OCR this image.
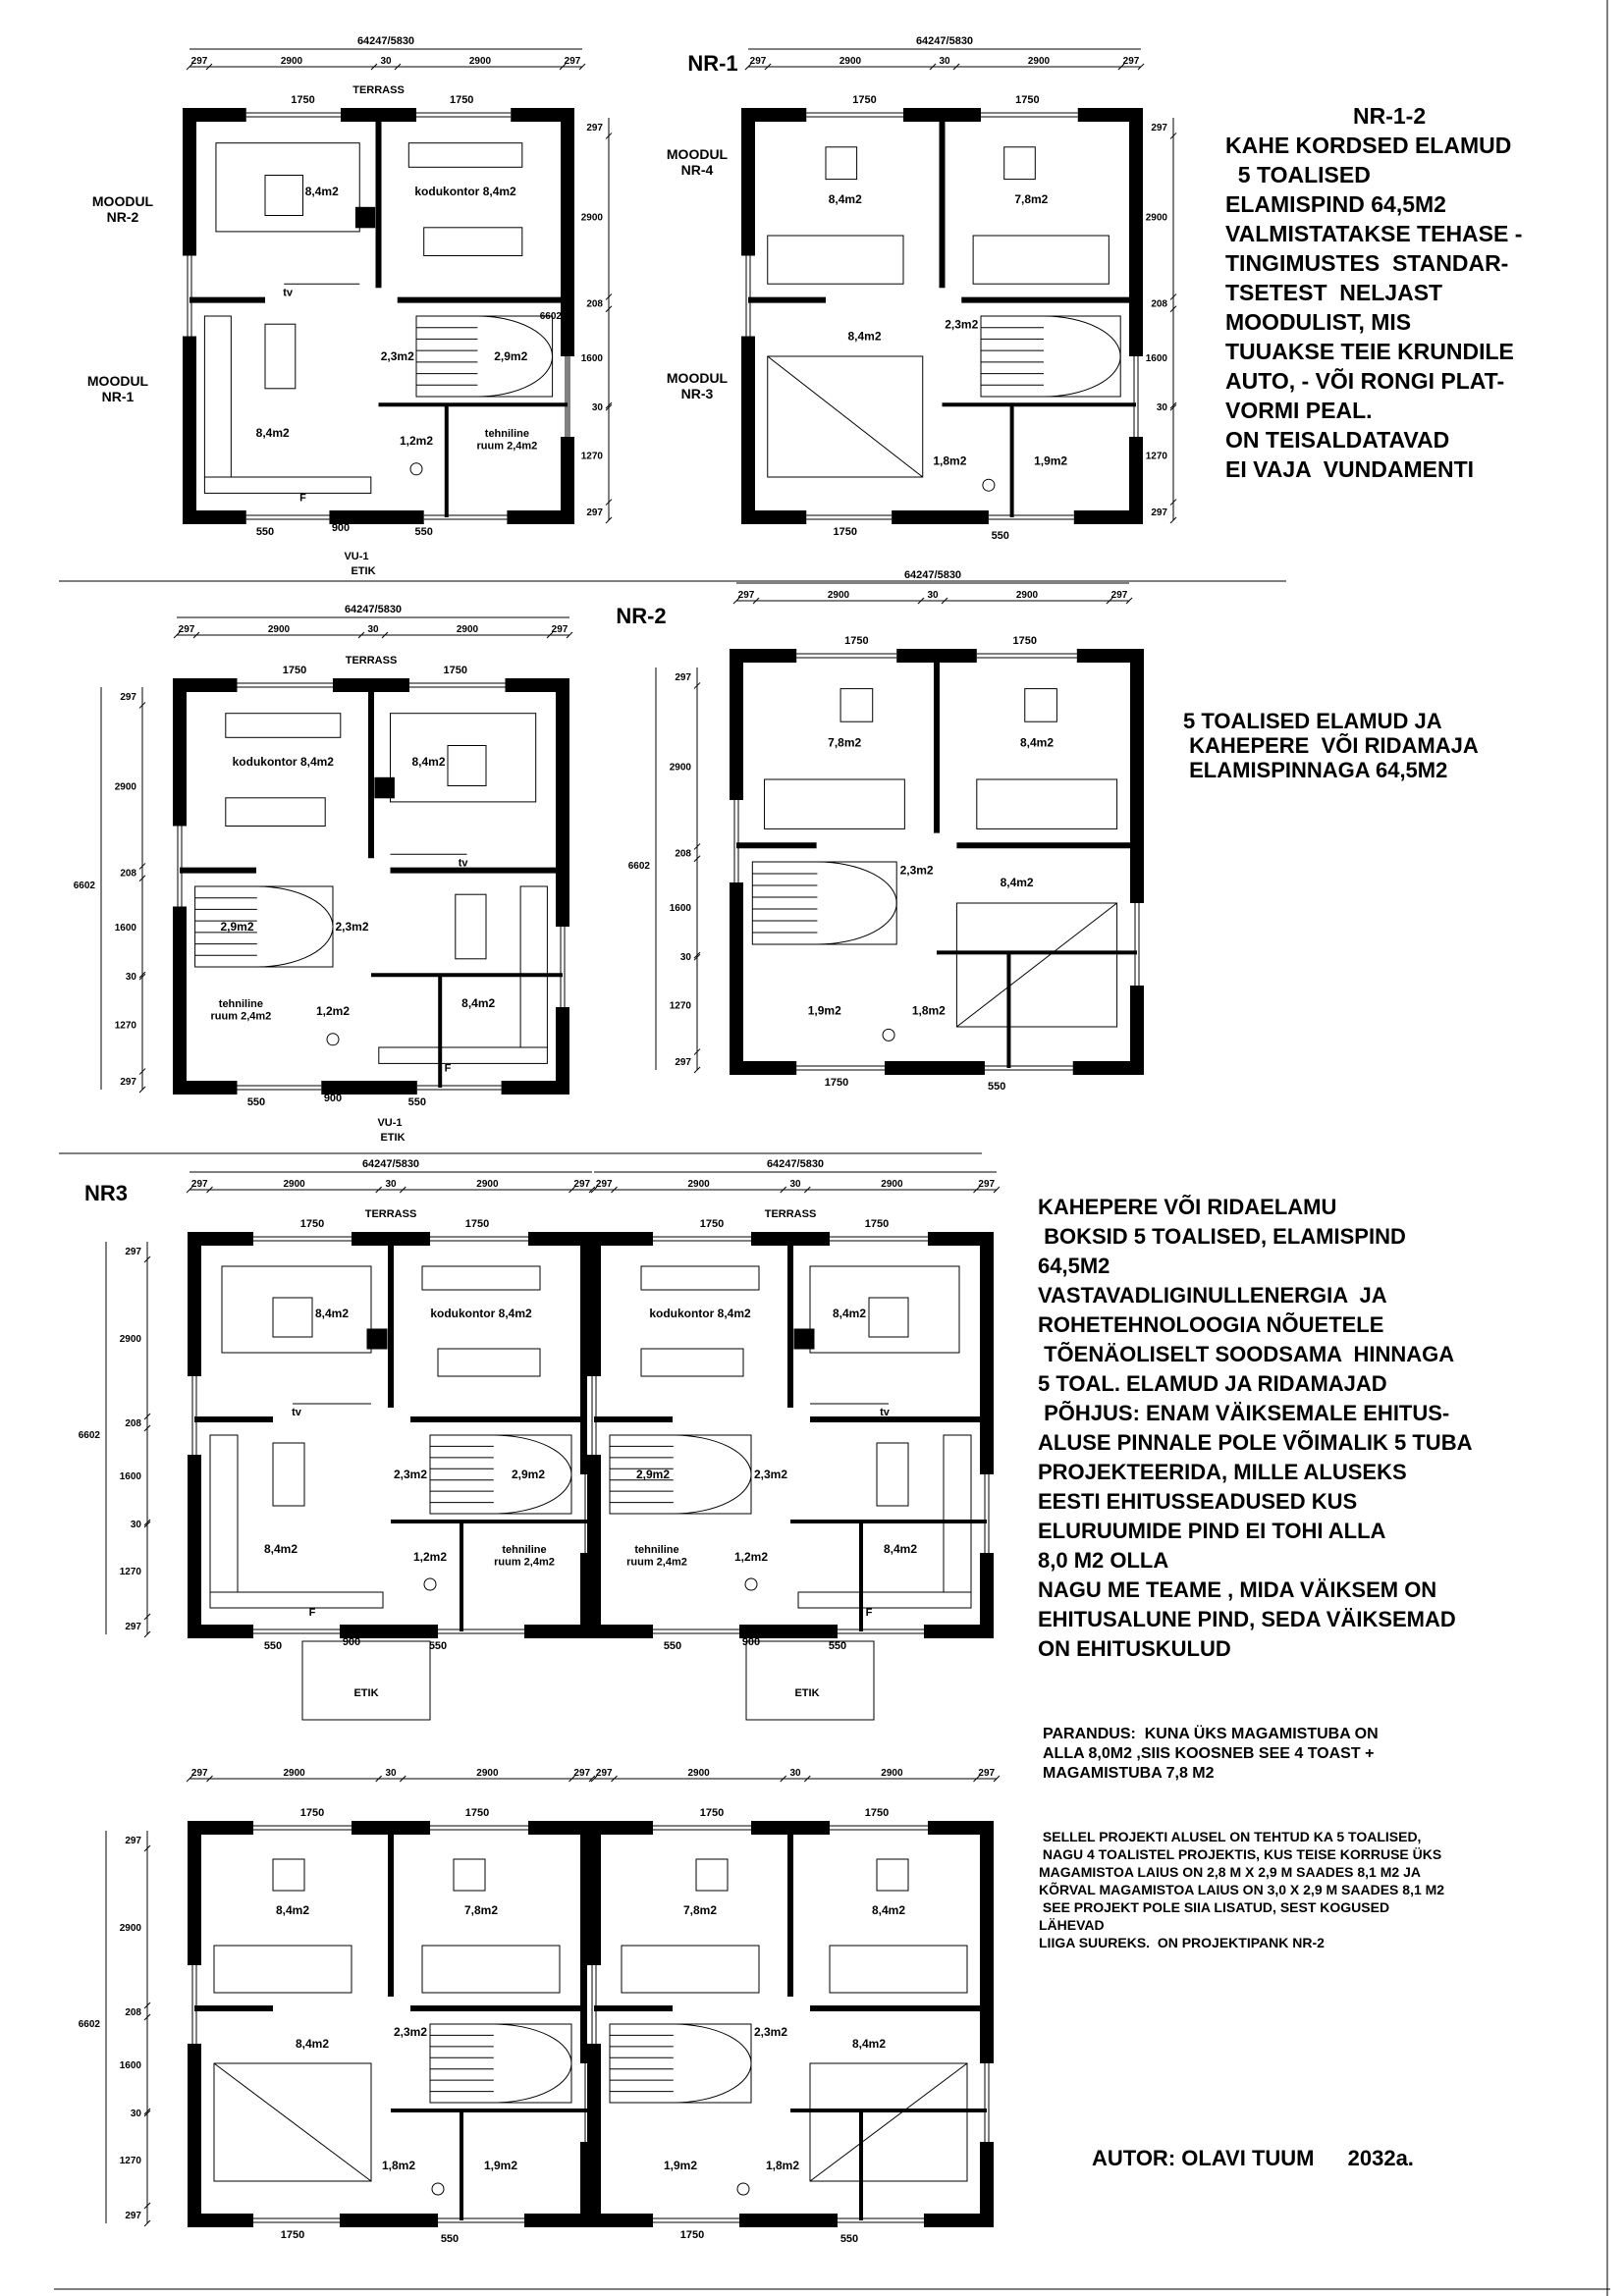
NR-1
NR-2
NR3
64247/5830
297	2900	30	2900	297
64247/5830
297	2900	30	2900	297
8,4m2	kodukontor 8,4m2
8,4m2
2,3m2	2,9m2
1,2m2
tehniline ruum 2,4m2
tv
F
TERRASS
1750	1750
550	550
900
8,4m2	7,8m2
8,4m2
2,3m2
1,8m2	1,9m2
1750	1750
1750	550
297
2900
208
1600
30
1270
297
6602
297
2900
208
1600
30
1270
297
MOODUL NR-2
MOODUL NR-1
MOODUL NR-4
MOODUL NR-3
VU-1
ETIK
64247/5830
297	2900	30	2900	297
64247/5830
297	2900	30	2900	297
8,4m2
kodukontor 8,4m2
8,4m2
2,3m2
2,9m2
1,2m2
tehniline ruum 2,4m2
tv
F
TERRASS
1750	1750
550	550
900
8,4m2
7,8m2
8,4m2
2,3m2
1,8m2
1,9m2
1750	1750
1750	550
297
2900
208
1600
30
1270
297
6602
297
2900
208
1600
30
1270
297
6602
VU-1
ETIK
64247/5830
297	2900	30	2900	297
64247/5830
297	2900	30	2900	297
8,4m2	kodukontor 8,4m2
8,4m2
2,3m2	2,9m2
1,2m2	tehniline ruum 2,4m2
tv
F
TERRASS
1750	1750
550	550
900
8,4m2
kodukontor 8,4m2
8,4m2
2,3m2
2,9m2
1,2m2
tehniline ruum 2,4m2
tv
F
TERRASS
1750	1750
550	550
900
297
2900
208
1600
30
1270
297
6602
ETIK	ETIK
297	2900	30	2900	297 297	2900	30	2900	297
8,4m2	7,8m2
8,4m2
2,3m2
1,8m2	1,9m2
1750	1750
1750	550
8,4m2
7,8m2
8,4m2
2,3m2
1,8m2
1,9m2
1750	1750
1750	550
297
2900
208
1600
30
1270
297
6602

NR-1-2

KAHE KORDSED ELAMUD

5 TOALISED

ELAMISPIND 64,5M2

VALMISTATAKSE TEHASE -

TINGIMUSTES  STANDAR-

TSETEST  NELJAST

MOODULIST, MIS

TUUAKSE TEIE KRUNDILE

AUTO, - VÕI RONGI PLAT-

VORMI PEAL.

ON TEISALDATAVAD

EI VAJA  VUNDAMENTI

5 TOALISED ELAMUD JA

KAHEPERE  VÕI RIDAMAJA

ELAMISPINNAGA 64,5M2

KAHEPERE VÕI RIDAELAMU

BOKSID 5 TOALISED, ELAMISPIND

64,5M2

VASTAVADLIGINULLENERGIA  JA

ROHETEHNOLOOGIA NÕUETELE

TÕENÄOLISELT SOODSAMA  HINNAGA

5 TOAL. ELAMUD JA RIDAMAJAD

PÕHJUS: ENAM VÄIKSEMALE EHITUS-

ALUSE PINNALE POLE VÕIMALIK 5 TUBA

PROJEKTEERIDA, MILLE ALUSEKS

EESTI EHITUSSEADUSED KUS

ELURUUMIDE PIND EI TOHI ALLA

8,0 M2 OLLA

NAGU ME TEAME , MIDA VÄIKSEM ON

EHITUSALUNE PIND, SEDA VÄIKSEMAD

ON EHITUSKULUD

PARANDUS:  KUNA ÜKS MAGAMISTUBA ON

ALLA 8,0M2 ,SIIS KOOSNEB SEE 4 TOAST +

MAGAMISTUBA 7,8 M2

SELLEL PROJEKTI ALUSEL ON TEHTUD KA 5 TOALISED,

NAGU 4 TOALISTEL PROJEKTIS, KUS TEISE KORRUSE ÜKS

MAGAMISTOA LAIUS ON 2,8 M X 2,9 M SAADES 8,1 M2 JA

KÕRVAL MAGAMISTOA LAIUS ON 3,0 X 2,9 M SAADES 8,1 M2

SEE PROJEKT POLE SIIA LISATUD, SEST KOGUSED

LÄHEVAD

LIIGA SUUREKS.  ON PROJEKTIPANK NR-2

AUTOR: OLAVI TUUM 2032a.
